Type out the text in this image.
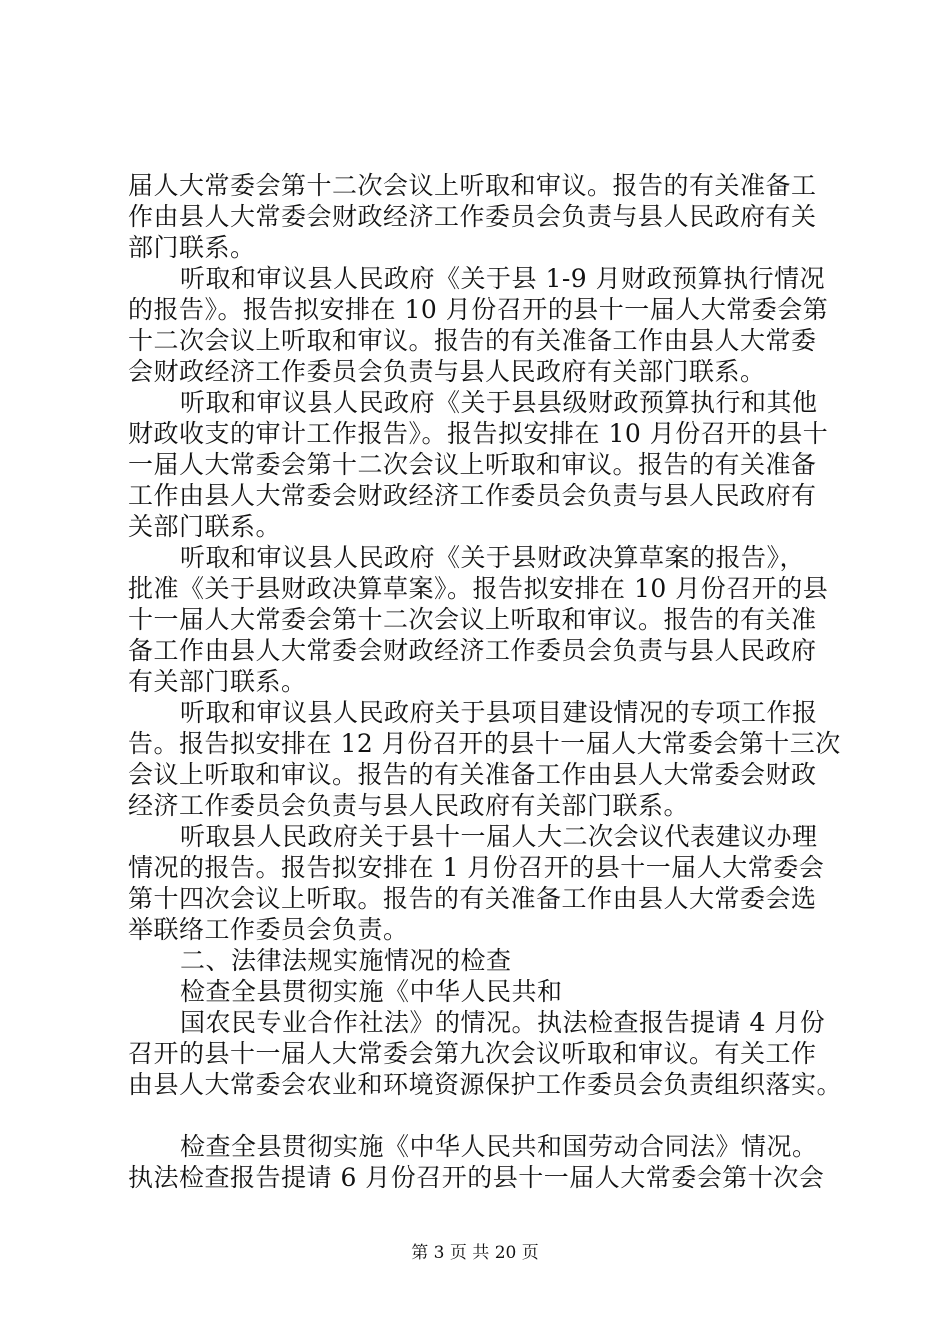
届人大常委会第十二次会议上听取和审议。报告的有关准备工
作由县人大常委会财政经济工作委员会负责与县人民政府有关
部门联系。
听取和审议县人民政府《关于县 1-9 月财政预算执行情况
的报告》。报告拟安排在 10 月份召开的县十一届人大常委会第
十二次会议上听取和审议。报告的有关准备工作由县人大常委
会财政经济工作委员会负责与县人民政府有关部门联系。
听取和审议县人民政府《关于县县级财政预算执行和其他
财政收支的审计工作报告》。报告拟安排在 10 月份召开的县十
一届人大常委会第十二次会议上听取和审议。报告的有关准备
工作由县人大常委会财政经济工作委员会负责与县人民政府有
关部门联系。
听取和审议县人民政府《关于县财政决算草案的报告》，
批准《关于县财政决算草案》。报告拟安排在 10 月份召开的县
十一届人大常委会第十二次会议上听取和审议。报告的有关准
备工作由县人大常委会财政经济工作委员会负责与县人民政府
有关部门联系。
听取和审议县人民政府关于县项目建设情况的专项工作报
告。报告拟安排在 12 月份召开的县十一届人大常委会第十三次
会议上听取和审议。报告的有关准备工作由县人大常委会财政
经济工作委员会负责与县人民政府有关部门联系。
听取县人民政府关于县十一届人大二次会议代表建议办理
情况的报告。报告拟安排在 1 月份召开的县十一届人大常委会
第十四次会议上听取。报告的有关准备工作由县人大常委会选
举联络工作委员会负责。
二、法律法规实施情况的检查
检查全县贯彻实施《中华人民共和
国农民专业合作社法》的情况。执法检查报告提请 4 月份
召开的县十一届人大常委会第九次会议听取和审议。有关工作
由县人大常委会农业和环境资源保护工作委员会负责组织落实。
检查全县贯彻实施《中华人民共和国劳动合同法》情况。
执法检查报告提请 6 月份召开的县十一届人大常委会第十次会
第 3 页 共 20 页
